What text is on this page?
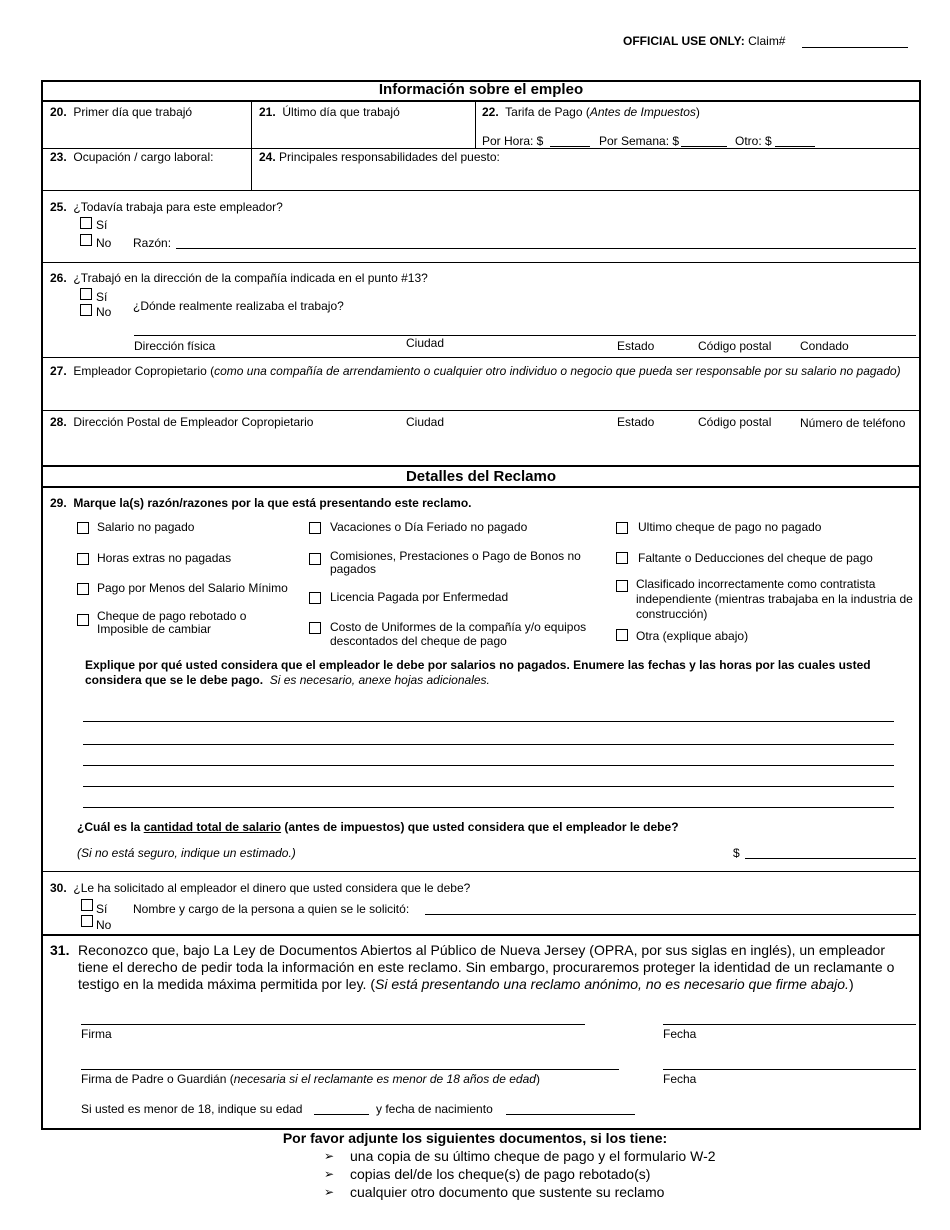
OFFICIAL USE ONLY: Claim#
Información sobre el empleo
20. Primer día que trabajó	21. Último día que trabajó	22. Tarifa de Pago (Antes de Impuestos)
Por Hora: $	Por Semana: $	Otro: $
23. Ocupación / cargo laboral:	24. Principales responsabilidades del puesto:
25. ¿Todavía trabaja para este empleador?
Sí
No Razón:
26. ¿Trabajó en la dirección de la compañía indicada en el punto #13?
Sí
No ¿Dónde realmente realizaba el trabajo?
Dirección física	Ciudad	Estado	Código postal Condado
27. Empleador Copropietario (como una compañía de arrendamiento o cualquier otro individuo o negocio que pueda ser responsable por su salario no pagado)
28. Dirección Postal de Empleador Copropietario	Ciudad	Estado	Código postal Número de teléfono
Detalles del Reclamo
29. Marque la(s) razón/razones por la que está presentando este reclamo.
Salario no pagado
Horas extras no pagadas
Pago por Menos del Salario Mínimo
Cheque de pago rebotado o Imposible de cambiar
Vacaciones o Día Feriado no pagado
Comisiones, Prestaciones o Pago de Bonos no pagados
Licencia Pagada por Enfermedad
Costo de Uniformes de la compañía y/o equipos descontados del cheque de pago
Ultimo cheque de pago no pagado
Faltante o Deducciones del cheque de pago
Clasificado incorrectamente como contratista independiente (mientras trabajaba en la industria de construcción)
Otra (explique abajo)
Explique por qué usted considera que el empleador le debe por salarios no pagados. Enumere las fechas y las horas por las cuales usted considera que se le debe pago. Si es necesario, anexe hojas adicionales.
¿Cuál es la cantidad total de salario (antes de impuestos) que usted considera que el empleador le debe?
(Si no está seguro, indique un estimado.)	$
30. ¿Le ha solicitado al empleador el dinero que usted considera que le debe?
Sí
No
Nombre y cargo de la persona a quien se le solicitó:
31. Reconozco que, bajo La Ley de Documentos Abiertos al Público de Nueva Jersey (OPRA, por sus siglas en inglés), un empleador tiene el derecho de pedir toda la información en este reclamo. Sin embargo, procuraremos proteger la identidad de un reclamante o testigo en la medida máxima permitida por ley. (Si está presentando una reclamo anónimo, no es necesario que firme abajo.)
Firma	Fecha
Firma de Padre o Guardián (necesaria si el reclamante es menor de 18 años de edad)	Fecha
Si usted es menor de 18, indique su edad	y fecha de nacimiento
Por favor adjunte los siguientes documentos, si los tiene:
➢ una copia de su último cheque de pago y el formulario W-2
➢ copias del/de los cheque(s) de pago rebotado(s)
➢ cualquier otro documento que sustente su reclamo
